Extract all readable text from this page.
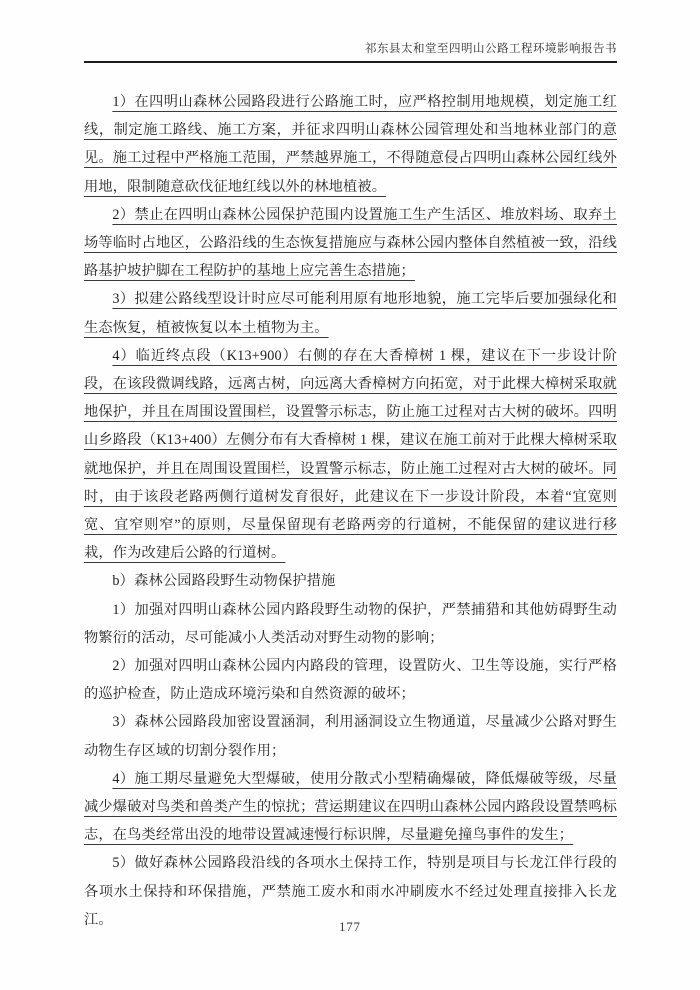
祁东县太和堂至四明山公路工程环境影响报告书

1）在四明山森林公园路段进行公路施工时，应严格控制用地规模，划定施工红线，制定施工路线、施工方案，并征求四明山森林公园管理处和当地林业部门的意见。施工过程中严格施工范围，严禁越界施工，不得随意侵占四明山森林公园红线外用地，限制随意砍伐征地红线以外的林地植被。

2）禁止在四明山森林公园保护范围内设置施工生产生活区、堆放料场、取弃土场等临时占地区，公路沿线的生态恢复措施应与森林公园内整体自然植被一致，沿线路基护坡护脚在工程防护的基地上应完善生态措施；

3）拟建公路线型设计时应尽可能利用原有地形地貌，施工完毕后要加强绿化和生态恢复，植被恢复以本土植物为主。

4）临近终点段（K13+900）右侧的存在大香樟树 1 棵，建议在下一步设计阶段，在该段微调线路，远离古树，向远离大香樟树方向拓宽，对于此棵大樟树采取就地保护，并且在周围设置围栏，设置警示标志，防止施工过程对古大树的破坏。四明山乡路段（K13+400）左侧分布有大香樟树 1 棵，建议在施工前对于此棵大樟树采取就地保护，并且在周围设置围栏，设置警示标志，防止施工过程对古大树的破坏。同时，由于该段老路两侧行道树发育很好，此建议在下一步设计阶段，本着“宜宽则宽、宜窄则窄”的原则，尽量保留现有老路两旁的行道树，不能保留的建议进行移栽，作为改建后公路的行道树。

b）森林公园路段野生动物保护措施

1）加强对四明山森林公园内路段野生动物的保护，严禁捕猎和其他妨碍野生动物繁衍的活动，尽可能减小人类活动对野生动物的影响；

2）加强对四明山森林公园内内路段的管理，设置防火、卫生等设施，实行严格的巡护检查，防止造成环境污染和自然资源的破坏；

3）森林公园路段加密设置涵洞，利用涵洞设立生物通道，尽量减少公路对野生动物生存区域的切割分裂作用；

4）施工期尽量避免大型爆破，使用分散式小型精确爆破，降低爆破等级，尽量减少爆破对鸟类和兽类产生的惊扰；营运期建议在四明山森林公园内路段设置禁鸣标志，在鸟类经常出没的地带设置减速慢行标识牌，尽量避免撞鸟事件的发生；

5）做好森林公园路段沿线的各项水土保持工作，特别是项目与长龙江伴行段的各项水土保持和环保措施，严禁施工废水和雨水冲刷废水不经过处理直接排入长龙江。	177
